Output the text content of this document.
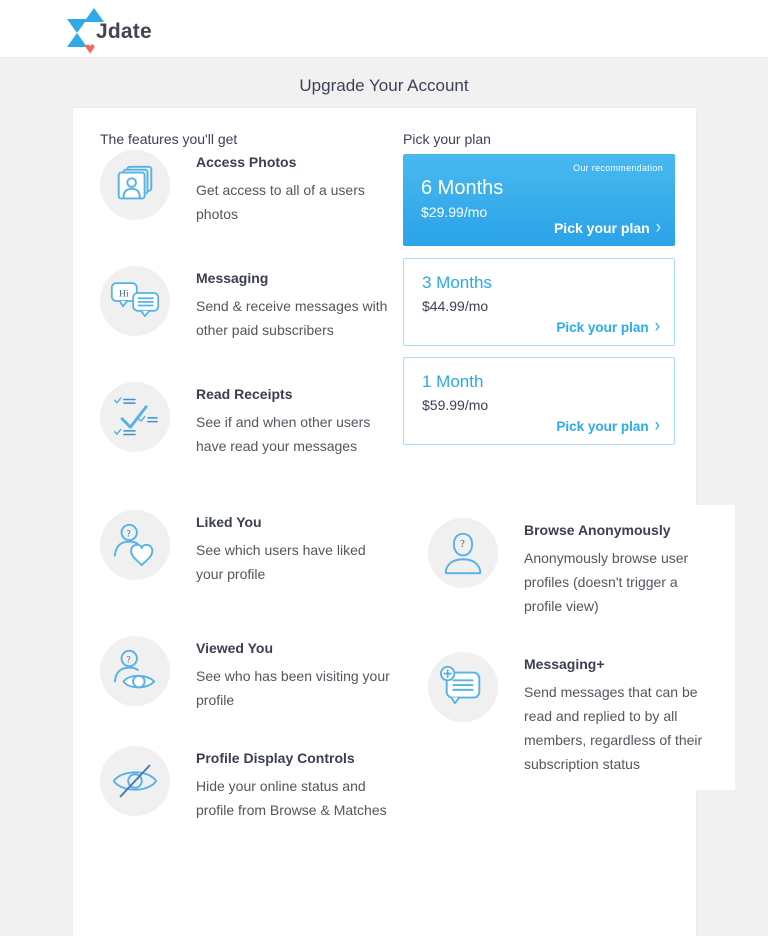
♥
Jdate
Upgrade Your Account
The features you'll get	Pick your plan
Our recommendation
6 Months
$29.99/mo
Pick your plan ›
3 Months
$44.99/mo
Pick your plan ›
1 Month
$59.99/mo
Pick your plan ›
Access Photos
Get access to all of a users photos
Hi
Messaging
Send & receive messages with other paid subscribers
Read Receipts
See if and when other users have read your messages
?
Liked You
See which users have liked your profile
?
Viewed You
See who has been visiting your profile
Profile Display Controls
Hide your online status and profile from Browse & Matches
?
Browse Anonymously
Anonymously browse user profiles (doesn't trigger a profile view)
Messaging+
Send messages that can be read and replied to by all members, regardless of their subscription status
